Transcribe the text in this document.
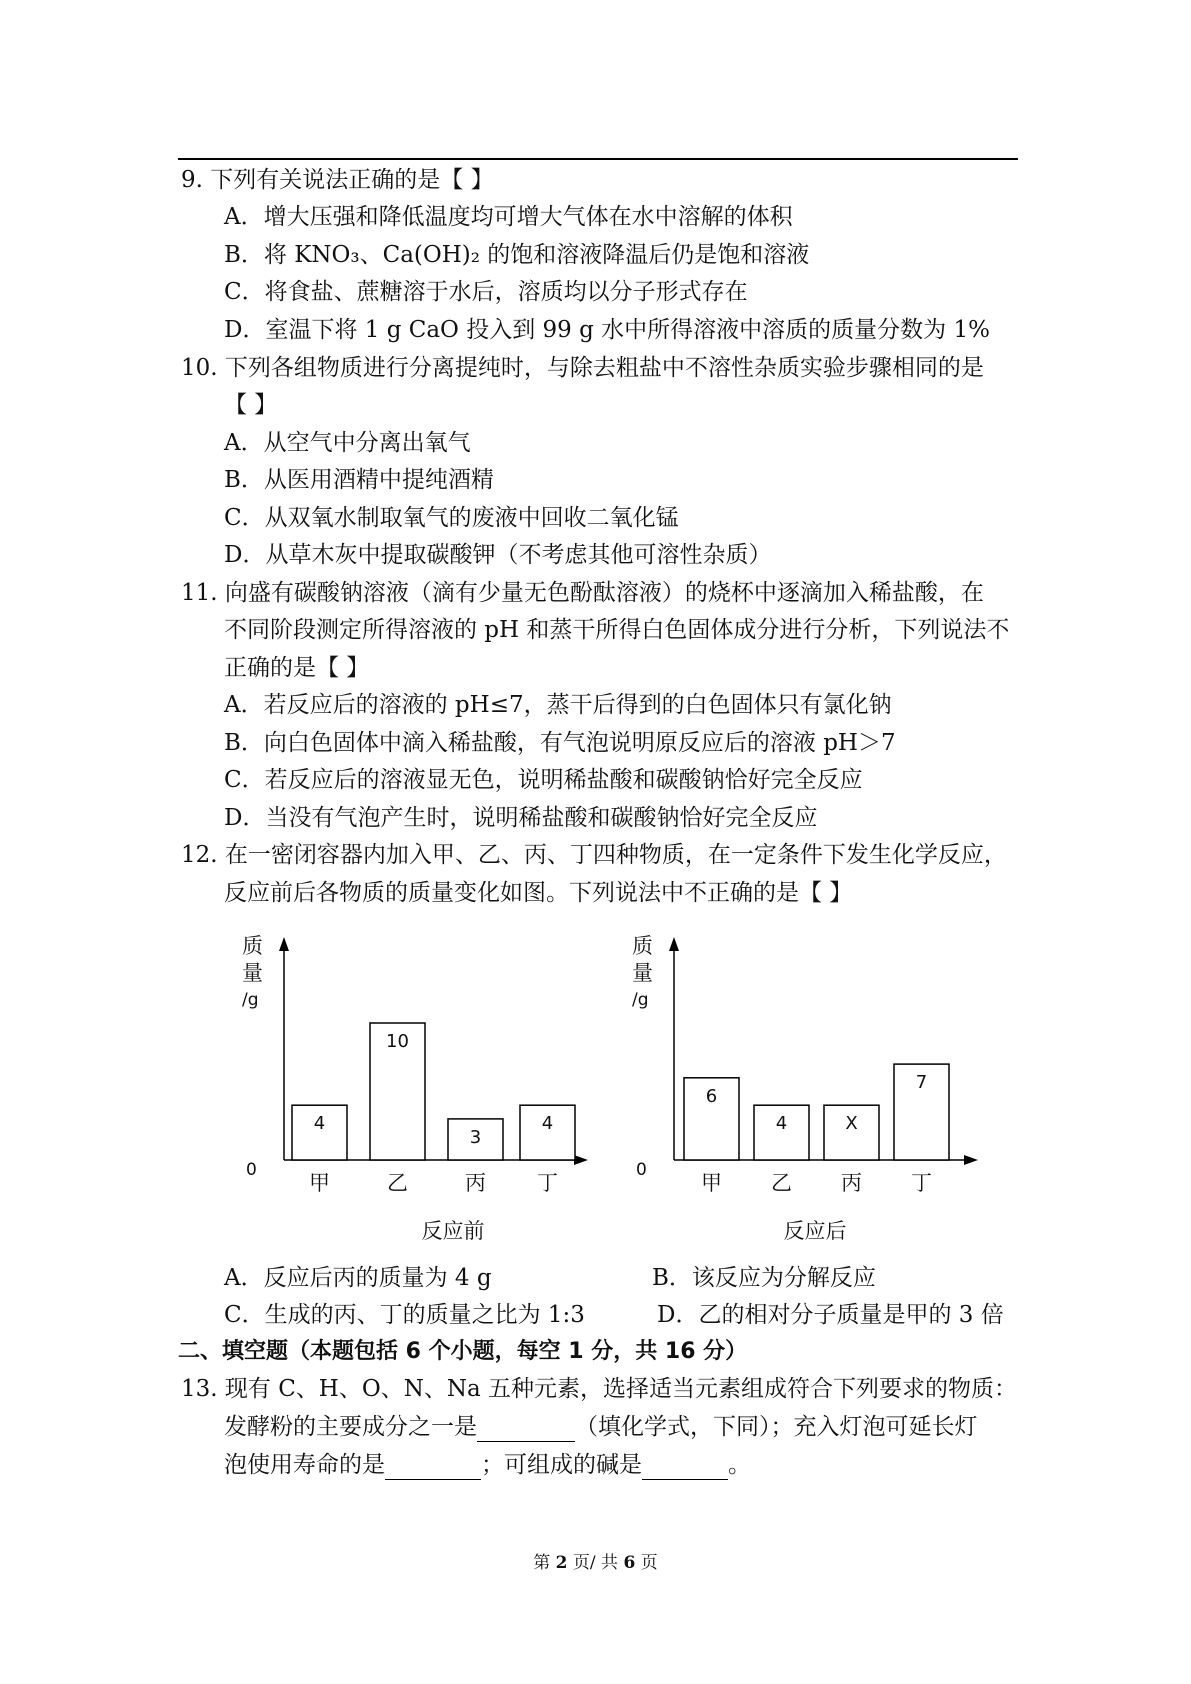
9. 下列有关说法正确的是【 】
A．增大压强和降低温度均可增大气体在水中溶解的体积
B．将 KNO₃、Ca(OH)₂ 的饱和溶液降温后仍是饱和溶液
C．将食盐、蔗糖溶于水后，溶质均以分子形式存在
D．室温下将 1 g CaO 投入到 99 g 水中所得溶液中溶质的质量分数为 1%
10. 下列各组物质进行分离提纯时，与除去粗盐中不溶性杂质实验步骤相同的是
【 】
A．从空气中分离出氧气
B．从医用酒精中提纯酒精
C．从双氧水制取氧气的废液中回收二氧化锰
D．从草木灰中提取碳酸钾（不考虑其他可溶性杂质）
11. 向盛有碳酸钠溶液（滴有少量无色酚酞溶液）的烧杯中逐滴加入稀盐酸，在
不同阶段测定所得溶液的 pH 和蒸干所得白色固体成分进行分析，下列说法不
正确的是【 】
A．若反应后的溶液的 pH≤7，蒸干后得到的白色固体只有氯化钠
B．向白色固体中滴入稀盐酸，有气泡说明原反应后的溶液 pH＞7
C．若反应后的溶液显无色，说明稀盐酸和碳酸钠恰好完全反应
D．当没有气泡产生时，说明稀盐酸和碳酸钠恰好完全反应
12. 在一密闭容器内加入甲、乙、丙、丁四种物质，在一定条件下发生化学反应，
反应前后各物质的质量变化如图。下列说法中不正确的是【 】
质
量
/g
0
4
甲
10
乙
3
丙
4
丁
反应前
质
量
/g
0
6
甲
4
乙
X
丙
7
丁
反应后
A．反应后丙的质量为 4 g	B．该反应为分解反应
C．生成的丙、丁的质量之比为 1:3	D．乙的相对分子质量是甲的 3 倍
二、填空题（本题包括 6 个小题，每空 1 分，共 16 分）
13. 现有 C、H、O、N、Na 五种元素，选择适当元素组成符合下列要求的物质：
发酵粉的主要成分之一是	（填化学式，下同）；充入灯泡可延长灯
泡使用寿命的是	；可组成的碱是	。
第 2 页/ 共 6 页
